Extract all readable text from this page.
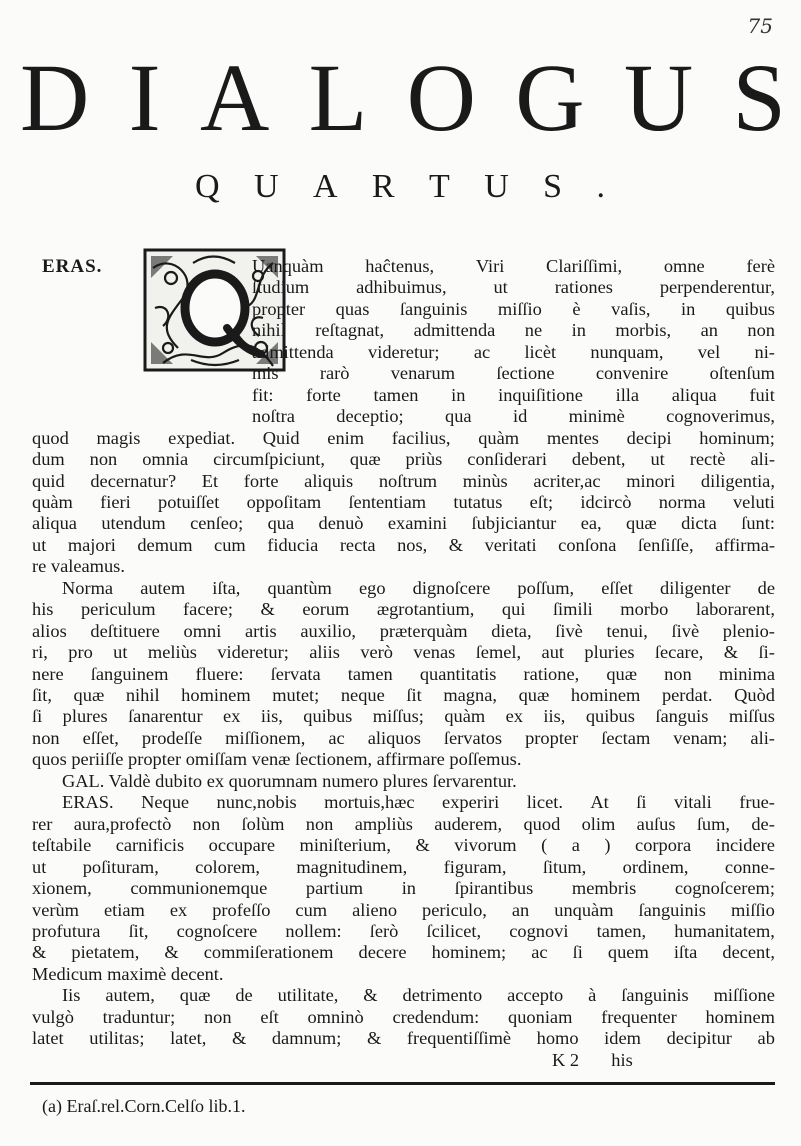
75
D I A L O G U S
Q U A R T U S .
ERAS.	Uanquàm haĉtenus, Viri Clariſſimi, omne ferè
ſtudium	adhibuimus,	ut	rationes	perpenderentur,
propter quas ſanguinis miſſio è vaſis, in quibus
nihil reſtagnat, admittenda ne in morbis, an non
admittenda videretur; ac licèt nunquam, vel ni-
mis rarò venarum ſectione convenire oſtenſum
fit: forte tamen in inquiſitione illa aliqua fuit
noſtra deceptio; qua id minimè cognoverimus,
quod magis expediat. Quid enim facilius, quàm mentes decipi hominum;
dum non omnia circumſpiciunt, quæ priùs conſiderari debent, ut rectè ali-
quid decernatur? Et forte aliquis noſtrum minùs acriter,ac minori diligentia,
quàm fieri potuiſſet oppoſitam ſententiam tutatus eſt; idcircò norma veluti
aliqua utendum cenſeo; qua denuò examini ſubjiciantur ea, quæ dicta ſunt:
ut majori demum cum fiducia recta nos, & veritati conſona ſenſiſſe, affirma-
re valeamus.
Norma autem iſta, quantùm ego dignoſcere poſſum, eſſet diligenter de
his periculum facere; & eorum ægrotantium, qui ſimili morbo laborarent,
alios deſtituere omni artis auxilio, præterquàm dieta, ſivè tenui, ſivè plenio-
ri, pro ut meliùs videretur; aliis verò venas ſemel, aut pluries ſecare, & ſi-
nere ſanguinem fluere: ſervata tamen quantitatis ratione, quæ non minima
ſit, quæ nihil hominem mutet; neque ſit magna, quæ hominem perdat. Quòd
ſi plures ſanarentur ex iis, quibus miſſus; quàm ex iis, quibus ſanguis miſſus
non eſſet, prodeſſe miſſionem, ac aliquos ſervatos propter ſectam venam; ali-
quos periiſſe propter omiſſam venæ ſectionem, affirmare poſſemus.
GAL. Valdè dubito ex quorumnam numero plures ſervarentur.
ERAS. Neque nunc,nobis mortuis,hæc experiri licet. At ſi vitali frue-
rer aura,profectò non ſolùm non ampliùs auderem, quod olim auſus ſum, de-
teſtabile carnificis occupare miniſterium, & vivorum ( a ) corpora incidere
ut poſituram, colorem, magnitudinem, figuram, ſitum, ordinem, conne-
xionem, communionemque partium in ſpirantibus membris cognoſcerem;
verùm etiam ex profeſſo cum alieno periculo, an unquàm ſanguinis miſſio
profutura ſit, cognoſcere nollem: ſerò ſcilicet, cognovi tamen, humanitatem,
& pietatem, & commiſerationem decere hominem; ac ſi quem iſta decent,
Medicum maximè decent.
Iis autem, quæ de utilitate, & detrimento accepto à ſanguinis miſſione
vulgò traduntur; non eſt omninò credendum: quoniam frequenter hominem
latet utilitas; latet, & damnum; & frequentiſſimè homo idem decipitur ab
K 2       his
(a) Eraſ.rel.Corn.Celſo lib.1.
